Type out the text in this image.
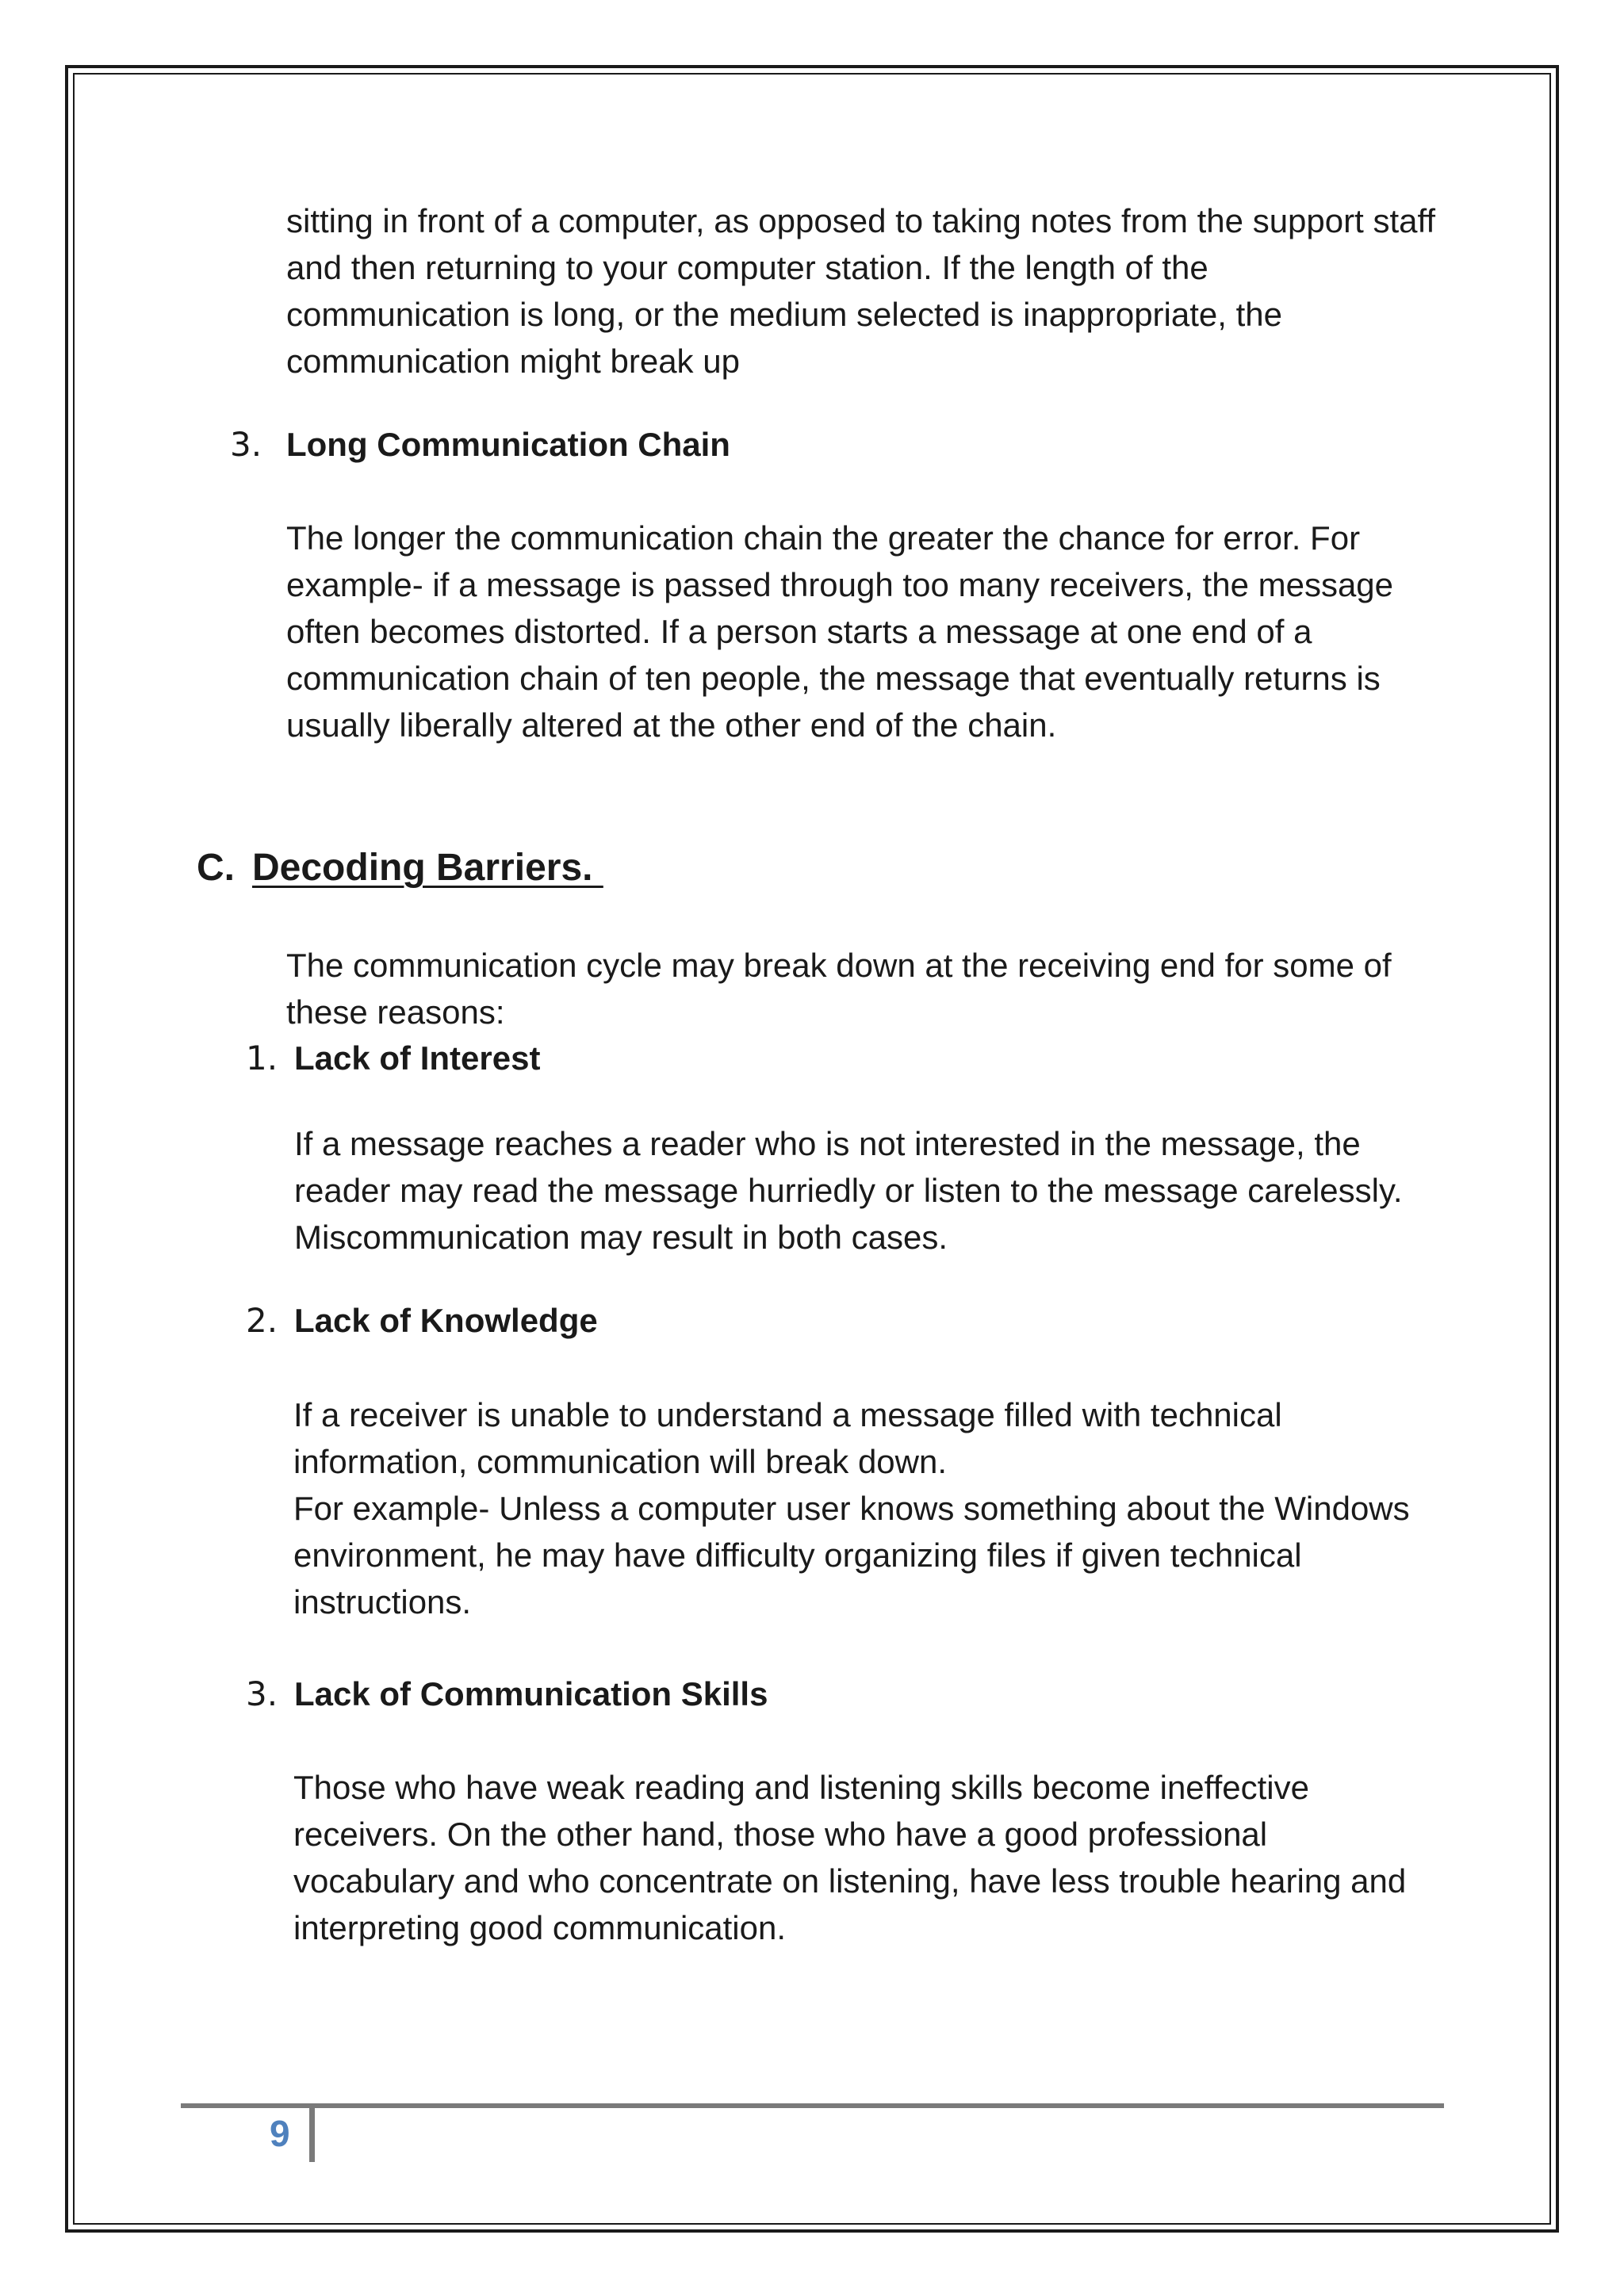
sitting in front of a computer, as opposed to taking notes from the support staff and then returning to your computer station. If the length of the communication is long, or the medium selected is inappropriate, the communication might break up

3. Long Communication Chain

The longer the communication chain the greater the chance for error. For example- if a message is passed through too many receivers, the message often becomes distorted. If a person starts a message at one end of a communication chain of ten people, the message that eventually returns is usually liberally altered at the other end of the chain.

C. Decoding Barriers.

The communication cycle may break down at the receiving end for some of these reasons:

1. Lack of Interest

If a message reaches a reader who is not interested in the message, the reader may read the message hurriedly or listen to the message carelessly. Miscommunication may result in both cases.

2. Lack of Knowledge

If a receiver is unable to understand a message filled with technical information, communication will break down.

For example- Unless a computer user knows something about the Windows environment, he may have difficulty organizing files if given technical instructions.

3. Lack of Communication Skills

Those who have weak reading and listening skills become ineffective receivers. On the other hand, those who have a good professional vocabulary and who concentrate on listening, have less trouble hearing and interpreting good communication.

9
